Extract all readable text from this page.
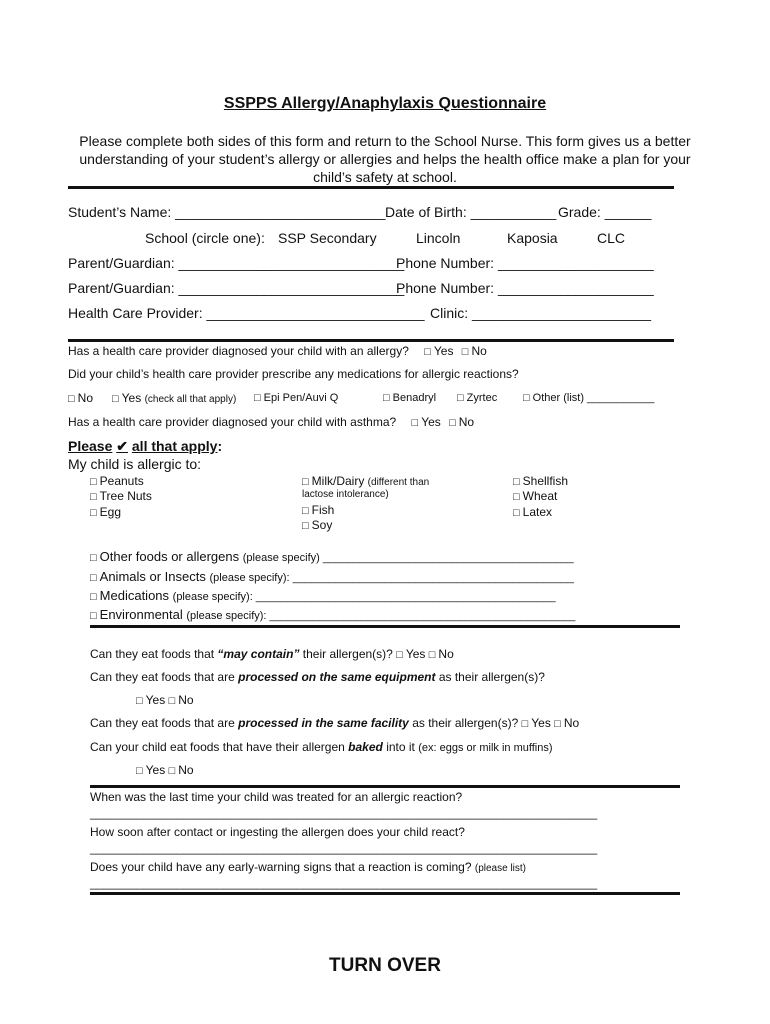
SSPPS Allergy/Anaphylaxis Questionnaire
Please complete both sides of this form and return to the School Nurse. This form gives us a better
understanding of your student’s allergy or allergies and helps the health office make a plan for your
child’s safety at school.
Student’s Name: ___________________________ Date of Birth: ___________ Grade: ______
School (circle one): SSP Secondary	Lincoln	Kaposia	CLC
Parent/Guardian: _____________________________
Phone Number: ____________________
Parent/Guardian: _____________________________
Phone Number: ____________________
Health Care Provider: ____________________________ Clinic: _______________________
Has a health care provider diagnosed your child with an allergy? □ Yes □ No
Did your child’s health care provider prescribe any medications for allergic reactions?
□ No □	Yes (check all that apply) □	Epi Pen/Auvi Q □	Benadryl □	Zyrtec □	Other (list) ___________
Has a health care provider diagnosed your child with asthma? □ Yes □ No
Please ✔ all that apply:
My child is allergic to:
□ Peanuts
□ Tree Nuts
□ Egg
□ Milk/Dairy (different than
lactose intolerance)
□ Fish
□ Soy
□ Shellfish
□ Wheat
□ Latex
□ Other foods or allergens (please specify) _________________________________________
□ Animals or Insects (please specify): ______________________________________________
□ Medications (please specify): _________________________________________________
□ Environmental (please specify): __________________________________________________
Can they eat foods that “may contain” their allergen(s)? □ Yes □ No
Can they eat foods that are processed on the same equipment as their allergen(s)?
□ Yes □ No
Can they eat foods that are processed in the same facility as their allergen(s)? □ Yes □ No
Can your child eat foods that have their allergen baked into it (ex: eggs or milk in muffins)
□ Yes □ No
When was the last time your child was treated for an allergic reaction?
____________________________________________________________________________
How soon after contact or ingesting the allergen does your child react?
____________________________________________________________________________
Does your child have any early-warning signs that a reaction is coming? (please list)
____________________________________________________________________________
TURN OVER
